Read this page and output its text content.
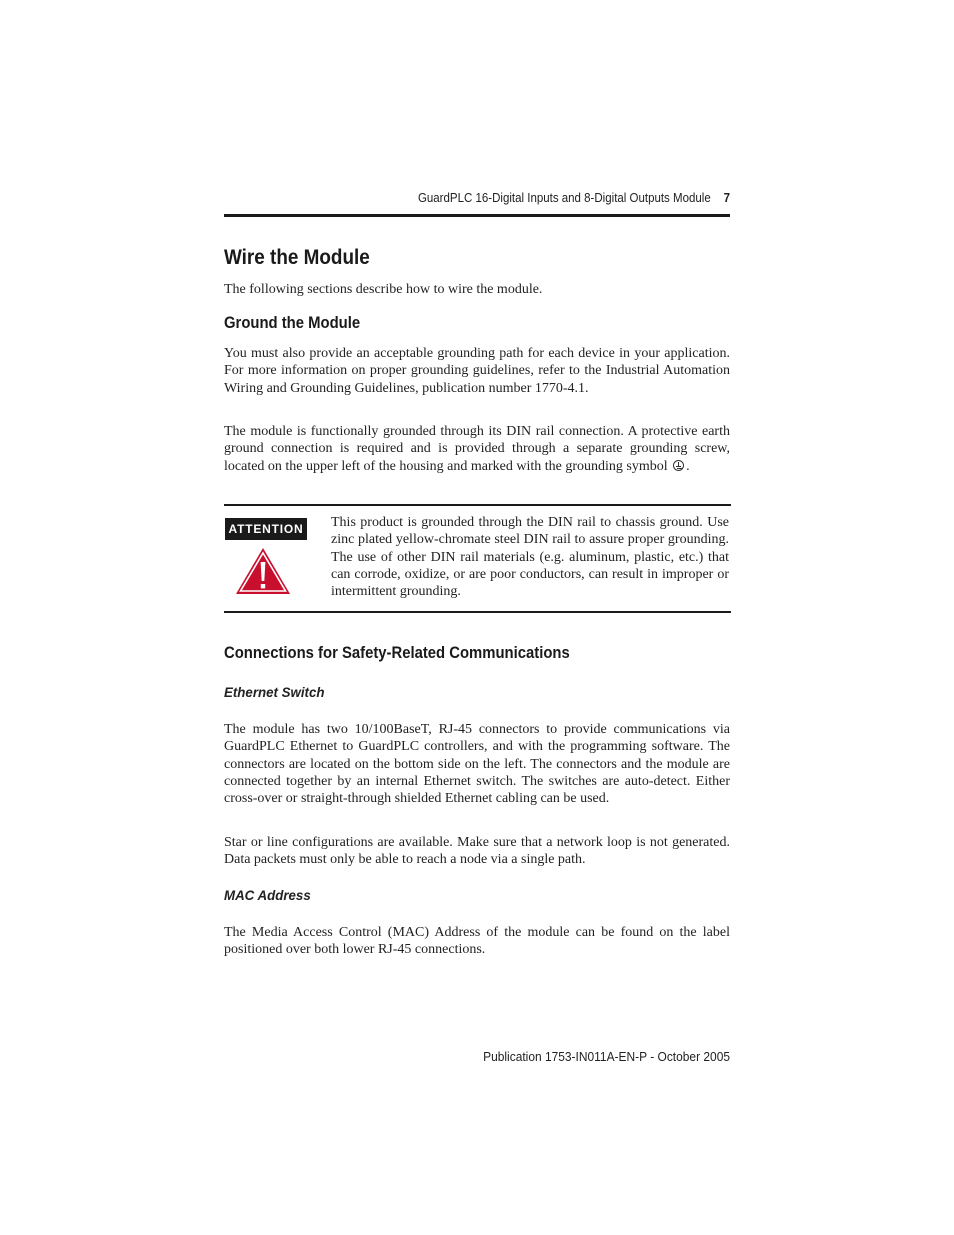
GuardPLC 16-Digital Inputs and 8-Digital Outputs Module 7
Wire the Module

The following sections describe how to wire the module.

Ground the Module

You must also provide an acceptable grounding path for each device in your application. For more information on proper grounding guidelines, refer to the Industrial Automation Wiring and Grounding Guidelines, publication number 1770-4.1.

The module is functionally grounded through its DIN rail connection. A protective earth ground connection is required and is provided through a separate grounding screw, located on the upper left of the housing and marked with the grounding symbol .

ATTENTION This product is grounded through the DIN rail to chassis ground. Use zinc plated yellow-chromate steel DIN rail to assure proper grounding. The use of other DIN rail materials (e.g. aluminum, plastic, etc.) that can corrode, oxidize, or are poor conductors, can result in improper or intermittent grounding.

Connections for Safety-Related Communications
Ethernet Switch

The module has two 10/100BaseT, RJ-45 connectors to provide communications via GuardPLC Ethernet to GuardPLC controllers, and with the programming software. The connectors are located on the bottom side on the left. The connectors and the module are connected together by an internal Ethernet switch. The switches are auto-detect. Either cross-over or straight-through shielded Ethernet cabling can be used.

Star or line configurations are available. Make sure that a network loop is not generated. Data packets must only be able to reach a node via a single path.

MAC Address

The Media Access Control (MAC) Address of the module can be found on the label positioned over both lower RJ-45 connections.

Publication 1753-IN011A-EN-P - October 2005
